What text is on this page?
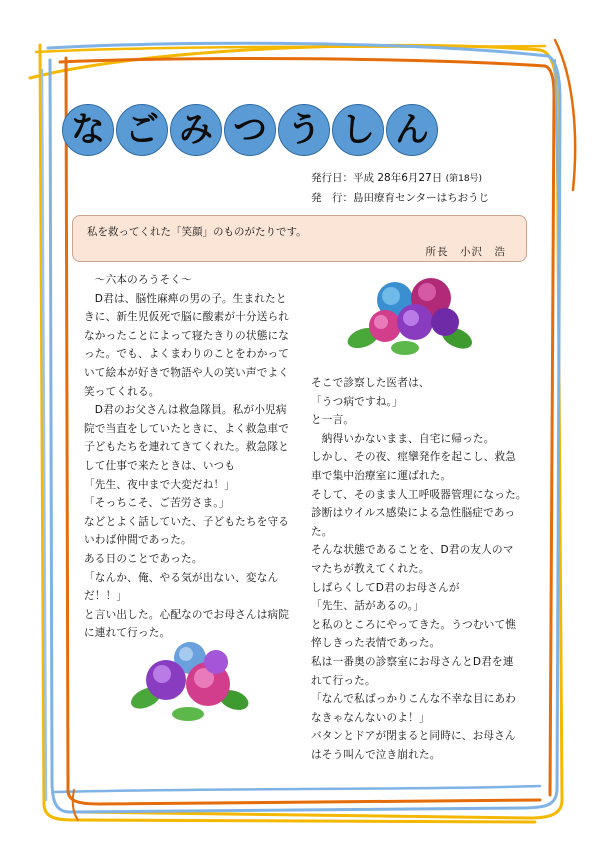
な ご み つ う し ん
発行日：平成 28年6月27日 (第18号)
発　行：島田療育センターはちおうじ
私を救ってくれた「笑顔」のものがたりです。
所長　小沢　浩

　〜六本のろうそく〜

　D君は、脳性麻痺の男の子。生まれたと

きに、新生児仮死で脳に酸素が十分送られ

なかったことによって寝たきりの状態にな

った。でも、よくまわりのことをわかって

いて絵本が好きで物語や人の笑い声でよく

笑ってくれる。

　D君のお父さんは救急隊員。私が小児病

院で当直をしていたときに、よく救急車で

子どもたちを連れてきてくれた。救急隊と

して仕事で来たときは、いつも

「先生、夜中まで大変だね！」

「そっちこそ、ご苦労さま。」

などとよく話していた、子どもたちを守る

いわば仲間であった。

ある日のことであった。

「なんか、俺、やる気が出ない、変なん

だ！！」

と言い出した。心配なのでお母さんは病院

に連れて行った。

そこで診察した医者は、

「うつ病ですね。」

と一言。

　納得いかないまま、自宅に帰った。

しかし、その夜、痙攣発作を起こし、救急

車で集中治療室に運ばれた。

そして、そのまま人工呼吸器管理になった。

診断はウイルス感染による急性脳症であっ

た。

そんな状態であることを、D君の友人のマ

マたちが教えてくれた。

しばらくしてD君のお母さんが

「先生、話があるの。」

と私のところにやってきた。うつむいて憔

悴しきった表情であった。

私は一番奥の診察室にお母さんとD君を連

れて行った。

「なんで私ばっかりこんな不幸な目にあわ

なきゃなんないのよ！」

バタンとドアが閉まると同時に、お母さん

はそう叫んで泣き崩れた。
